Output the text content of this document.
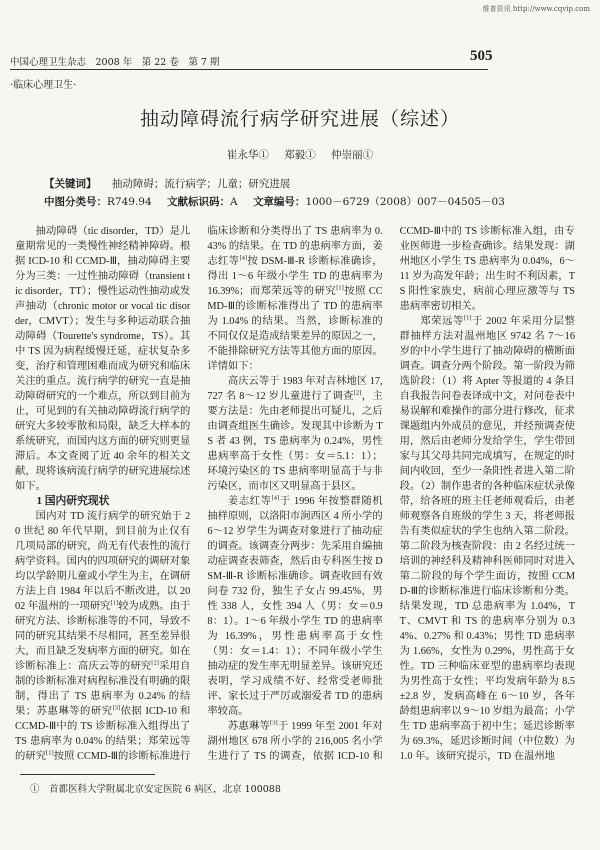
维普资讯 http://www.cqvip.com
中国心理卫生杂志　2008 年　第 22 卷　第 7 期	505
·临床心理卫生·
抽动障碍流行病学研究进展（综述）
崔永华① 郑毅① 仲崇丽①
【关键词】 抽动障碍；流行病学；儿童；研究进展
中图分类号：R749.94 文献标识码：A 文章编号：1000－6729（2008）007－04505－03

抽动障碍（tic disorder，TD）是儿童期常见的一类慢性神经精神障碍。根据 ICD-10 和 CCMD-Ⅲ，抽动障碍主要分为三类：一过性抽动障碍（transient tic disorder，TT）；慢性运动性抽动或发声抽动（chronic motor or vocal tic disorder，CMVT）；发生与多种运动联合抽动障碍（Tourette's syndrome，TS）。其中 TS 因为病程缓慢迁延，症状复杂多变，治疗和管理困难而成为研究和临床关注的重点。流行病学的研究一直是抽动障碍研究的一个难点，所以到目前为止，可见到的有关抽动障碍流行病学的研究大多较零散和局限，缺乏大样本的系统研究，而国内这方面的研究则更显滞后。本文查阅了近 40 余年的相关文献，现将该病流行病学的研究进展综述如下。

1 国内研究现状

国内对 TD 流行病学的研究始于 20 世纪 80 年代早期，到目前为止仅有几项局部的研究，尚无有代表性的流行病学资料。国内的四项研究的调研对象均以学龄期儿童或小学生为主，在调研方法上自 1984 年以后不断改进，以 2002 年温州的一项研究[1]较为成熟。由于研究方法、诊断标准等的不同，导致不同的研究其结果不尽相同，甚至差异很大，而且缺乏发病率方面的研究。如在诊断标准上：高庆云等的研究[2]采用自制的诊断标准对病程标准没有明确的限制，得出了 TS 患病率为 0.24% 的结果；苏惠琳等的研究[3]依据 ICD-10 和 CCMD-Ⅲ中的 TS 诊断标准入组得出了 TS 患病率为 0.04% 的结果；郑荣远等的研究[1]按照 CCMD-Ⅲ的诊断标准进行临床诊断和分类得出了 TS 患病率为 0.43% 的结果。在 TD 的患病率方面，姜志红等[4]按 DSM-Ⅲ-R 诊断标准确诊，得出 1～6 年级小学生 TD 的患病率为 16.39%；而郑荣远等的研究[1]按照 CCMD-Ⅲ的诊断标准得出了 TD 的患病率为 1.04% 的结果。当然，诊断标准的不同仅仅是造成结果差异的原因之一，不能排除研究方法等其他方面的原因。详情如下：

高庆云等于 1983 年对吉林地区 17,727 名 8～12 岁儿童进行了调查[2]，主要方法是：先由老师提出可疑儿，之后由调查组医生确诊。发现其中诊断为 TS 者 43 例，TS 患病率为 0.24%，男性患病率高于女性（男：女＝5.1：1）；环境污染区的 TS 患病率明显高于与非污染区，而市区又明显高于县区。

姜志红等[4]于 1996 年按整群随机抽样原则，以洛阳市涧西区 4 所小学的 6～12 岁学生为调查对象进行了抽动症的调查。该调查分两步：先采用自编抽动症调查表筛查，然后由专科医生按 DSM-Ⅲ-R 诊断标准确诊。调查收回有效问卷 732 份，独生子女占 99.45%，男性 338 人，女性 394 人（男：女＝0.98：1）。1～6 年级小学生 TD 的患病率为 16.39%，男性患病率高于女性（男：女＝1.4：1）；不同年级小学生抽动症的发生率无明显差异。该研究还表明，学习成绩不好、经常受老师批评、家长过于严厉或溺爱者 TD 的患病率较高。

苏惠琳等[3]于 1999 年至 2001 年对湖州地区 678 所小学的 216,005 名小学生进行了 TS 的调查，依据 ICD-10 和 CCMD-Ⅲ中的 TS 诊断标准入组，由专业医师进一步检查确诊。结果发现：湖州地区小学生 TS 患病率为 0.04%，6～11 岁为高发年龄；出生时不利因素，TS 阳性家族史，病前心理应激等与 TS 患病率密切相关。

郑荣远等[1]于 2002 年采用分层整群抽样方法对温州地区 9742 名 7～16 岁的中小学生进行了抽动障碍的横断面调查。调查分两个阶段。第一阶段为筛选阶段：（1）将 Apter 等报道的 4 条目自我报告问卷表译成中文，对问卷表中易误解和难操作的部分进行修改，征求课题组内外成员的意见，并经预调查使用，然后由老师分发给学生，学生带回家与其父母共同完成填写，在规定的时间内收回，至少一条阳性者进入第二阶段。（2）制作患者的各种临床症状录像带，给各班的班主任老师观看后，由老师观察各自班级的学生 3 天，将老师报告有类似症状的学生也纳入第二阶段。第二阶段为核查阶段：由 2 名经过统一培训的神经科及精神科医师同时对进入第二阶段的每个学生面访，按照 CCMD-Ⅲ的诊断标准进行临床诊断和分类。结果发现，TD 总患病率为 1.04%，TT、CMVT 和 TS 的患病率分别为 0.34%、0.27% 和 0.43%；男性 TD 患病率为 1.66%，女性为 0.29%，男性高于女性。TD 三种临床亚型的患病率均表现为男性高于女性；平均发病年龄为 8.5±2.8 岁，发病高峰在 6～10 岁，各年龄组患病率以 9～10 岁组为最高；小学生 TD 患病率高于初中生；延迟诊断率为 69.3%，延迟诊断时间（中位数）为 1.0 年。该研究提示，TD 在温州地

①　首都医科大学附属北京安定医院 6 病区，北京 100088
